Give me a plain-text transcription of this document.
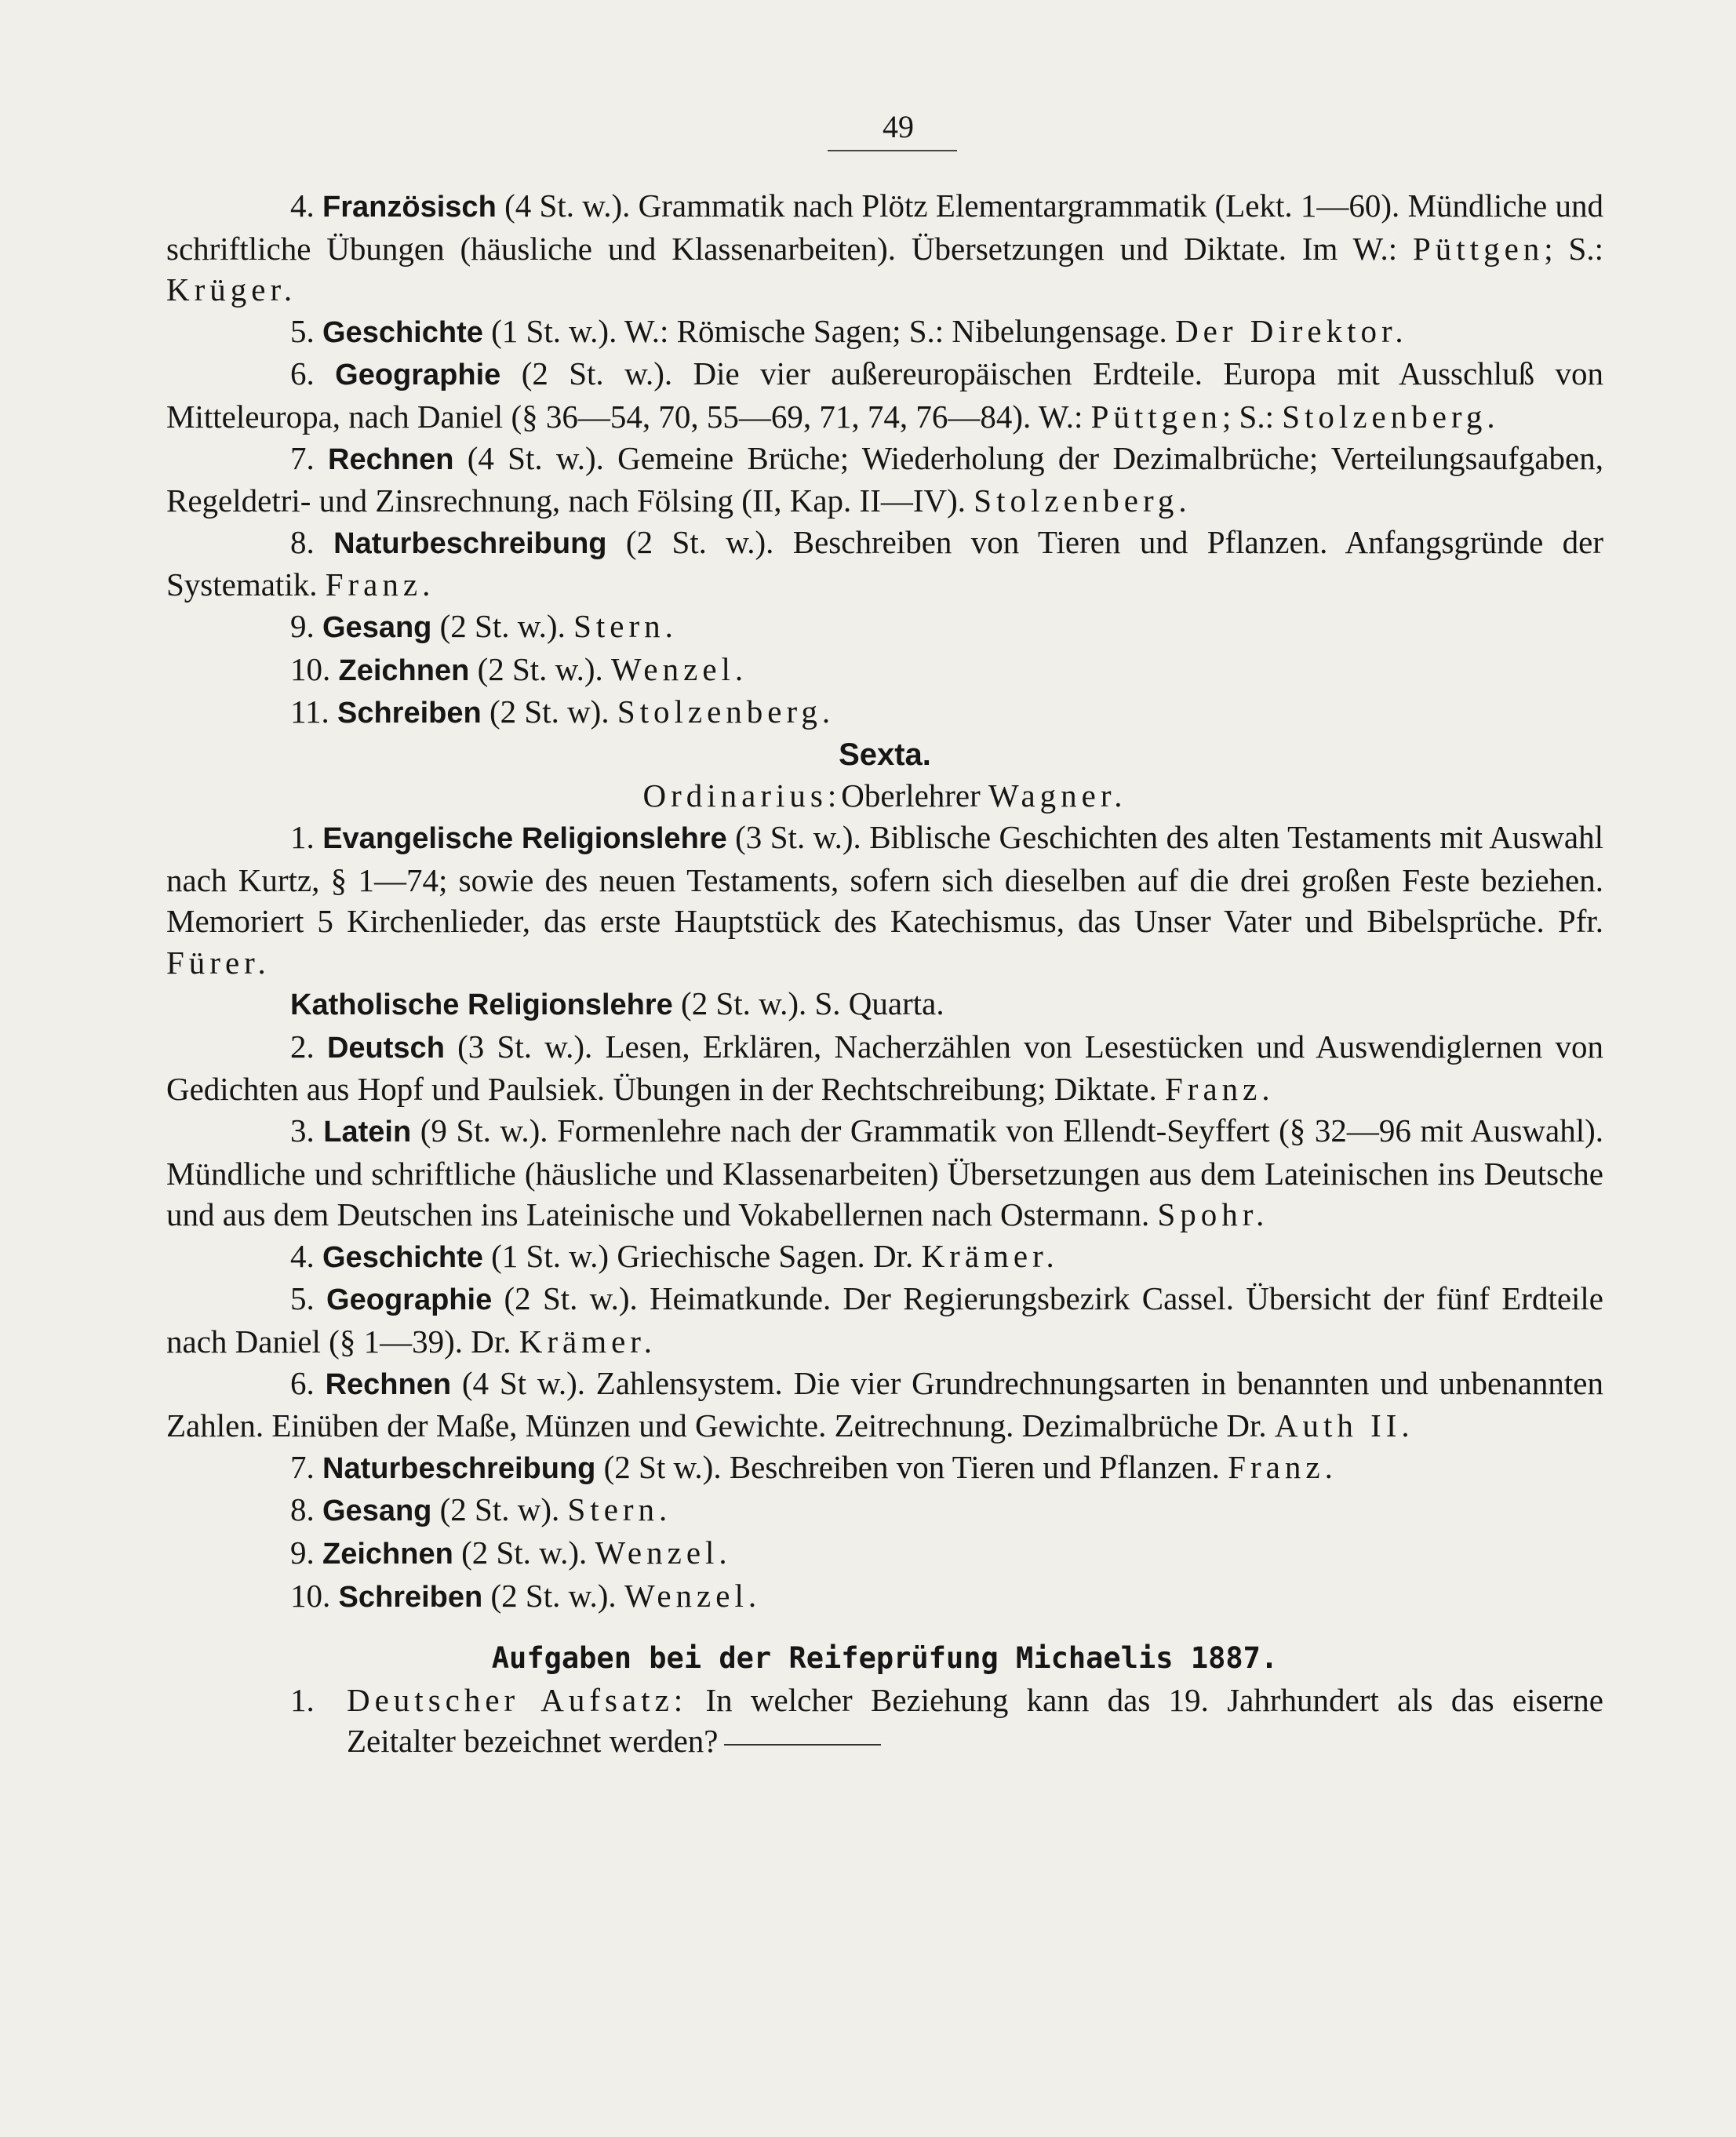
49

4. Französisch (4 St. w.). Grammatik nach Plötz Elementargrammatik (Lekt. 1—60). Mündliche und schriftliche Übungen (häusliche und Klassenarbeiten). Übersetzungen und Diktate. Im W.: Püttgen; S.: Krüger.

5. Geschichte (1 St. w.). W.: Römische Sagen; S.: Nibelungensage. Der Direktor.

6. Geographie (2 St. w.). Die vier außereuropäischen Erdteile. Europa mit Ausschluß von Mitteleuropa, nach Daniel (§ 36—54, 70, 55—69, 71, 74, 76—84). W.: Püttgen; S.: Stolzenberg.

7. Rechnen (4 St. w.). Gemeine Brüche; Wiederholung der Dezimalbrüche; Verteilungsaufgaben, Regeldetri- und Zinsrechnung, nach Fölsing (II, Kap. II—IV). Stolzenberg.

8. Naturbeschreibung (2 St. w.). Beschreiben von Tieren und Pflanzen. Anfangsgründe der Systematik. Franz.

9. Gesang (2 St. w.). Stern.

10. Zeichnen (2 St. w.). Wenzel.

11. Schreiben (2 St. w). Stolzenberg.

Sexta.

Ordinarius:Oberlehrer Wagner.

1. Evangelische Religionslehre (3 St. w.). Biblische Geschichten des alten Testaments mit Auswahl nach Kurtz, § 1—74; sowie des neuen Testaments, sofern sich dieselben auf die drei großen Feste beziehen. Memoriert 5 Kirchenlieder, das erste Hauptstück des Katechismus, das Unser Vater und Bibelsprüche. Pfr. Fürer.

Katholische Religionslehre (2 St. w.). S. Quarta.

2. Deutsch (3 St. w.). Lesen, Erklären, Nacherzählen von Lesestücken und Auswendiglernen von Gedichten aus Hopf und Paulsiek. Übungen in der Rechtschreibung; Diktate. Franz.

3. Latein (9 St. w.). Formenlehre nach der Grammatik von Ellendt-Seyffert (§ 32—96 mit Auswahl). Mündliche und schriftliche (häusliche und Klassenarbeiten) Übersetzungen aus dem Lateinischen ins Deutsche und aus dem Deutschen ins Lateinische und Vokabellernen nach Ostermann. Spohr.

4. Geschichte (1 St. w.) Griechische Sagen. Dr. Krämer.

5. Geographie (2 St. w.). Heimatkunde. Der Regierungsbezirk Cassel. Übersicht der fünf Erdteile nach Daniel (§ 1—39). Dr. Krämer.

6. Rechnen (4 St w.). Zahlensystem. Die vier Grundrechnungsarten in benannten und unbenannten Zahlen. Einüben der Maße, Münzen und Gewichte. Zeitrechnung. Dezimalbrüche Dr. Auth II.

7. Naturbeschreibung (2 St w.). Beschreiben von Tieren und Pflanzen. Franz.

8. Gesang (2 St. w). Stern.

9. Zeichnen (2 St. w.). Wenzel.

10. Schreiben (2 St. w.). Wenzel.

Aufgaben bei der Reifeprüfung Michaelis 1887.

1. Deutscher Aufsatz: In welcher Beziehung kann das 19. Jahrhundert als das eiserne Zeitalter bezeichnet werden?
